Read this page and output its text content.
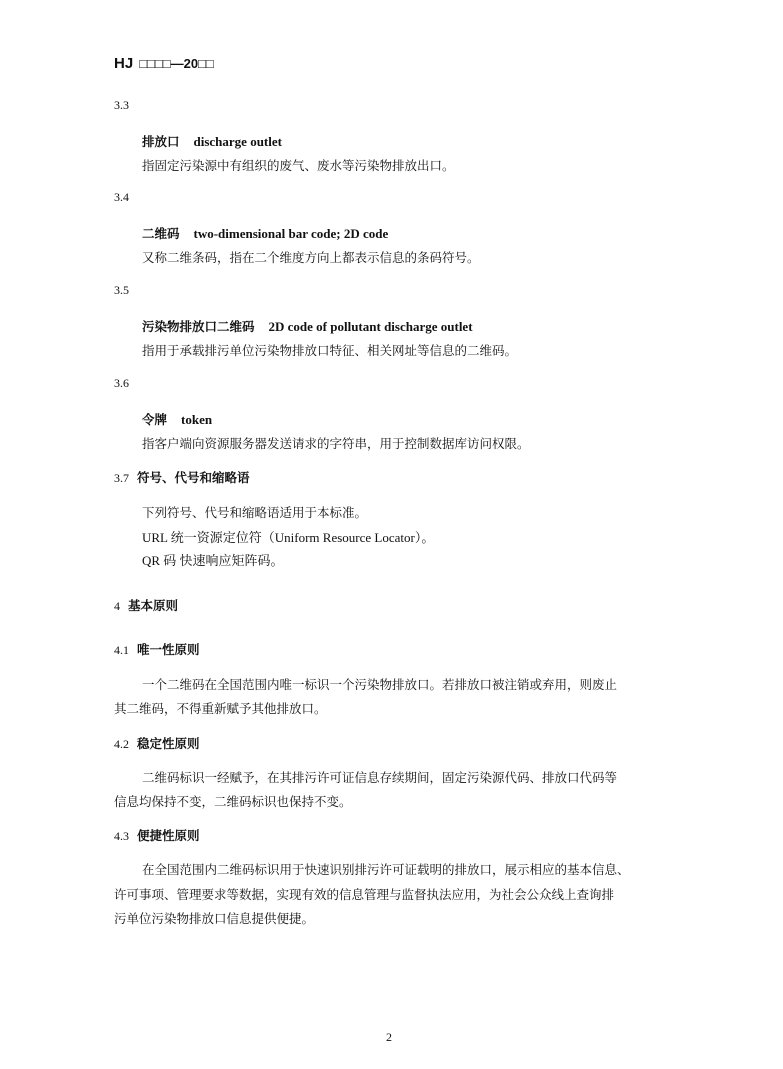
HJ □□□□—20□□
3.3
排放口 discharge outlet
指固定污染源中有组织的废气、废水等污染物排放出口。
3.4
二维码 two-dimensional bar code; 2D code
又称二维条码，指在二个维度方向上都表示信息的条码符号。
3.5
污染物排放口二维码 2D code of pollutant discharge outlet
指用于承载排污单位污染物排放口特征、相关网址等信息的二维码。
3.6
令牌 token
指客户端向资源服务器发送请求的字符串，用于控制数据库访问权限。
3.7 符号、代号和缩略语
下列符号、代号和缩略语适用于本标准。
URL 统一资源定位符（Uniform Resource Locator）。
QR 码 快速响应矩阵码。
4 基本原则
4.1 唯一性原则
一个二维码在全国范围内唯一标识一个污染物排放口。若排放口被注销或弃用，则废止
其二维码，不得重新赋予其他排放口。
4.2 稳定性原则
二维码标识一经赋予，在其排污许可证信息存续期间，固定污染源代码、排放口代码等
信息均保持不变，二维码标识也保持不变。
4.3 便捷性原则
在全国范围内二维码标识用于快速识别排污许可证载明的排放口，展示相应的基本信息、
许可事项、管理要求等数据，实现有效的信息管理与监督执法应用，为社会公众线上查询排
污单位污染物排放口信息提供便捷。
2
